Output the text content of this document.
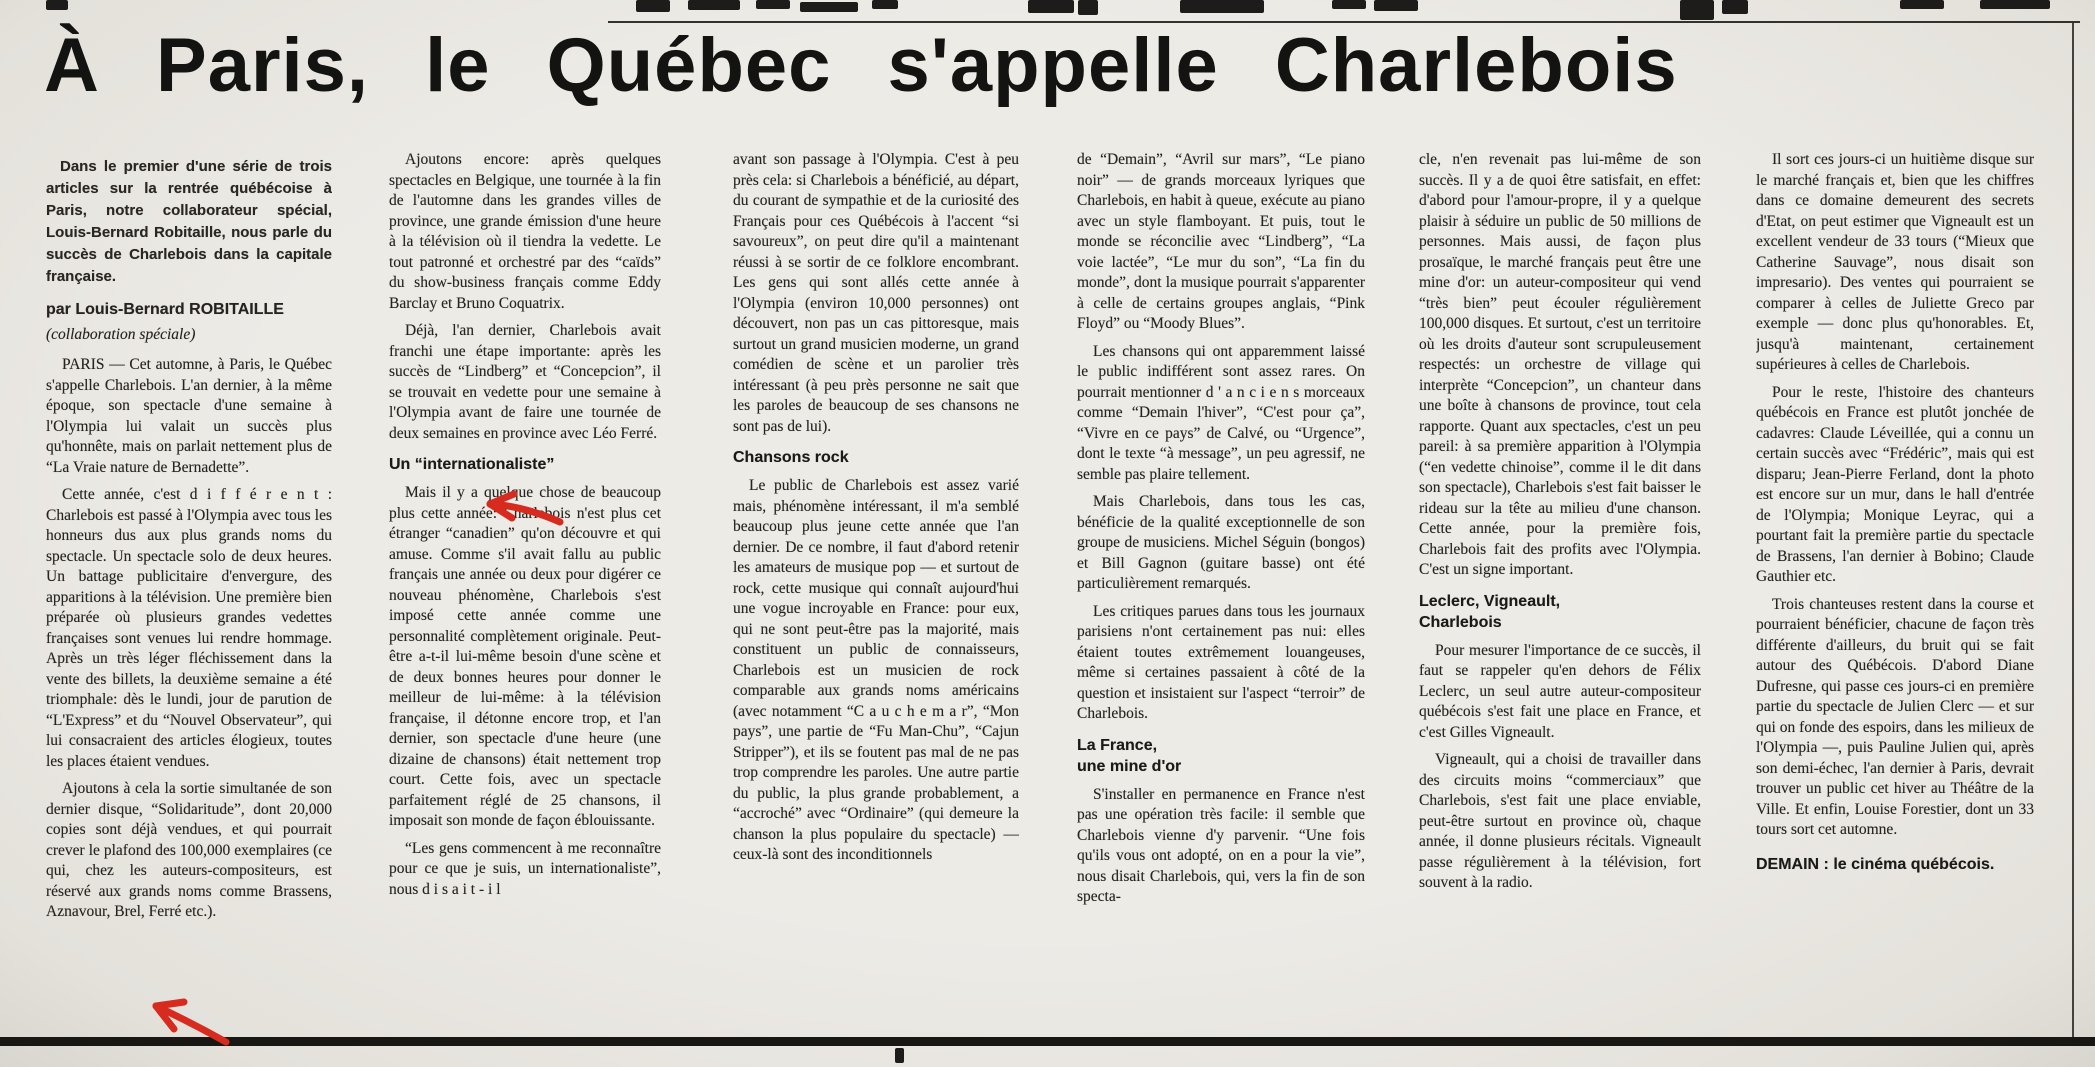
À Paris, le Québec s'appelle Charlebois

Dans le premier d'une série de trois articles sur la rentrée québécoise à Paris, notre collaborateur spécial, Louis-Bernard Robitaille, nous parle du succès de Charlebois dans la capitale française.

par Louis-Bernard ROBITAILLE

(collaboration spéciale)

PARIS — Cet automne, à Paris, le Québec s'appelle Charlebois. L'an dernier, à la même époque, son spectacle d'une semaine à l'Olympia lui valait un succès plus qu'honnête, mais on parlait nettement plus de “La Vraie nature de Bernadette”.

Cette année, c'est d i f f é r e n t : Charlebois est passé à l'Olympia avec tous les honneurs dus aux plus grands noms du spectacle. Un spectacle solo de deux heures. Un battage publicitaire d'envergure, des apparitions à la télévision. Une première bien préparée où plusieurs grandes vedettes françaises sont venues lui rendre hommage. Après un très léger fléchissement dans la vente des billets, la deuxième semaine a été triomphale: dès le lundi, jour de parution de “L'Express” et du “Nouvel Observateur”, qui lui consacraient des articles élogieux, toutes les places étaient vendues.

Ajoutons à cela la sortie simultanée de son dernier disque, “Solidaritude”, dont 20,000 copies sont déjà vendues, et qui pourrait crever le plafond des 100,000 exemplaires (ce qui, chez les auteurs-compositeurs, est réservé aux grands noms comme Brassens, Aznavour, Brel, Ferré etc.).

Ajoutons encore: après quelques spectacles en Belgique, une tournée à la fin de l'automne dans les grandes villes de province, une grande émission d'une heure à la télévision où il tiendra la vedette. Le tout patronné et orchestré par des “caïds” du show-business français comme Eddy Barclay et Bruno Coquatrix.

Déjà, l'an dernier, Charlebois avait franchi une étape importante: après les succès de “Lindberg” et “Concepcion”, il se trouvait en vedette pour une semaine à l'Olympia avant de faire une tournée de deux semaines en province avec Léo Ferré.

Un “internationaliste”

Mais il y a quelque chose de beaucoup plus cette année: Charlebois n'est plus cet étranger “canadien” qu'on découvre et qui amuse. Comme s'il avait fallu au public français une année ou deux pour digérer ce nouveau phénomène, Charlebois s'est imposé cette année comme une personnalité complètement originale. Peut-être a-t-il lui-même besoin d'une scène et de deux bonnes heures pour donner le meilleur de lui-même: à la télévision française, il détonne encore trop, et l'an dernier, son spectacle d'une heure (une dizaine de chansons) était nettement trop court. Cette fois, avec un spectacle parfaitement réglé de 25 chansons, il imposait son monde de façon éblouissante.

“Les gens commencent à me reconnaître pour ce que je suis, un internationaliste”, nous d i s a i t - i l

avant son passage à l'Olympia. C'est à peu près cela: si Charlebois a bénéficié, au départ, du courant de sympathie et de la curiosité des Français pour ces Québécois à l'accent “si savoureux”, on peut dire qu'il a maintenant réussi à se sortir de ce folklore encombrant. Les gens qui sont allés cette année à l'Olympia (environ 10,000 personnes) ont découvert, non pas un cas pittoresque, mais surtout un grand musicien moderne, un grand comédien de scène et un parolier très intéressant (à peu près personne ne sait que les paroles de beaucoup de ses chansons ne sont pas de lui).

Chansons rock

Le public de Charlebois est assez varié mais, phénomène intéressant, il m'a semblé beaucoup plus jeune cette année que l'an dernier. De ce nombre, il faut d'abord retenir les amateurs de musique pop — et surtout de rock, cette musique qui connaît aujourd'hui une vogue incroyable en France: pour eux, qui ne sont peut-être pas la majorité, mais constituent un public de connaisseurs, Charlebois est un musicien de rock comparable aux grands noms américains (avec notamment “C a u c h e m a r”, “Mon pays”, une partie de “Fu Man-Chu”, “Cajun Stripper”), et ils se foutent pas mal de ne pas trop comprendre les paroles. Une autre partie du public, la plus grande probablement, a “accroché” avec “Ordinaire” (qui demeure la chanson la plus populaire du spectacle) — ceux-là sont des inconditionnels

de “Demain”, “Avril sur mars”, “Le piano noir” — de grands morceaux lyriques que Charlebois, en habit à queue, exécute au piano avec un style flamboyant. Et puis, tout le monde se réconcilie avec “Lindberg”, “La voie lactée”, “Le mur du son”, “La fin du monde”, dont la musique pourrait s'apparenter à celle de certains groupes anglais, “Pink Floyd” ou “Moody Blues”.

Les chansons qui ont apparemment laissé le public indifférent sont assez rares. On pourrait mentionner d ' a n c i e n s morceaux comme “Demain l'hiver”, “C'est pour ça”, “Vivre en ce pays” de Calvé, ou “Urgence”, dont le texte “à message”, un peu agressif, ne semble pas plaire tellement.

Mais Charlebois, dans tous les cas, bénéficie de la qualité exceptionnelle de son groupe de musiciens. Michel Séguin (bongos) et Bill Gagnon (guitare basse) ont été particulièrement remarqués.

Les critiques parues dans tous les journaux parisiens n'ont certainement pas nui: elles étaient toutes extrêmement louangeuses, même si certaines passaient à côté de la question et insistaient sur l'aspect “terroir” de Charlebois.

La France,
une mine d'or

S'installer en permanence en France n'est pas une opération très facile: il semble que Charlebois vienne d'y parvenir. “Une fois qu'ils vous ont adopté, on en a pour la vie”, nous disait Charlebois, qui, vers la fin de son specta-

cle, n'en revenait pas lui-même de son succès. Il y a de quoi être satisfait, en effet: d'abord pour l'amour-propre, il y a quelque plaisir à séduire un public de 50 millions de personnes. Mais aussi, de façon plus prosaïque, le marché français peut être une mine d'or: un auteur-compositeur qui vend “très bien” peut écouler régulièrement 100,000 disques. Et surtout, c'est un territoire où les droits d'auteur sont scrupuleusement respectés: un orchestre de village qui interprète “Concepcion”, un chanteur dans une boîte à chansons de province, tout cela rapporte. Quant aux spectacles, c'est un peu pareil: à sa première apparition à l'Olympia (“en vedette chinoise”, comme il le dit dans son spectacle), Charlebois s'est fait baisser le rideau sur la tête au milieu d'une chanson. Cette année, pour la première fois, Charlebois fait des profits avec l'Olympia. C'est un signe important.

Leclerc, Vigneault,
Charlebois

Pour mesurer l'importance de ce succès, il faut se rappeler qu'en dehors de Félix Leclerc, un seul autre auteur-compositeur québécois s'est fait une place en France, et c'est Gilles Vigneault.

Vigneault, qui a choisi de travailler dans des circuits moins “commerciaux” que Charlebois, s'est fait une place enviable, peut-être surtout en province où, chaque année, il donne plusieurs récitals. Vigneault passe régulièrement à la télévision, fort souvent à la radio.

Il sort ces jours-ci un huitième disque sur le marché français et, bien que les chiffres dans ce domaine demeurent des secrets d'Etat, on peut estimer que Vigneault est un excellent vendeur de 33 tours (“Mieux que Catherine Sauvage”, nous disait son impresario). Des ventes qui pourraient se comparer à celles de Juliette Greco par exemple — donc plus qu'honorables. Et, jusqu'à maintenant, certainement supérieures à celles de Charlebois.

Pour le reste, l'histoire des chanteurs québécois en France est plutôt jonchée de cadavres: Claude Léveillée, qui a connu un certain succès avec “Frédéric”, mais qui est disparu; Jean-Pierre Ferland, dont la photo est encore sur un mur, dans le hall d'entrée de l'Olympia; Monique Leyrac, qui a pourtant fait la première partie du spectacle de Brassens, l'an dernier à Bobino; Claude Gauthier etc.

Trois chanteuses restent dans la course et pourraient bénéficier, chacune de façon très différente d'ailleurs, du bruit qui se fait autour des Québécois. D'abord Diane Dufresne, qui passe ces jours-ci en première partie du spectacle de Julien Clerc — et sur qui on fonde des espoirs, dans les milieux de l'Olympia —, puis Pauline Julien qui, après son demi-échec, l'an dernier à Paris, devrait trouver un public cet hiver au Théâtre de la Ville. Et enfin, Louise Forestier, dont un 33 tours sort cet automne.

DEMAIN : le cinéma québécois.
